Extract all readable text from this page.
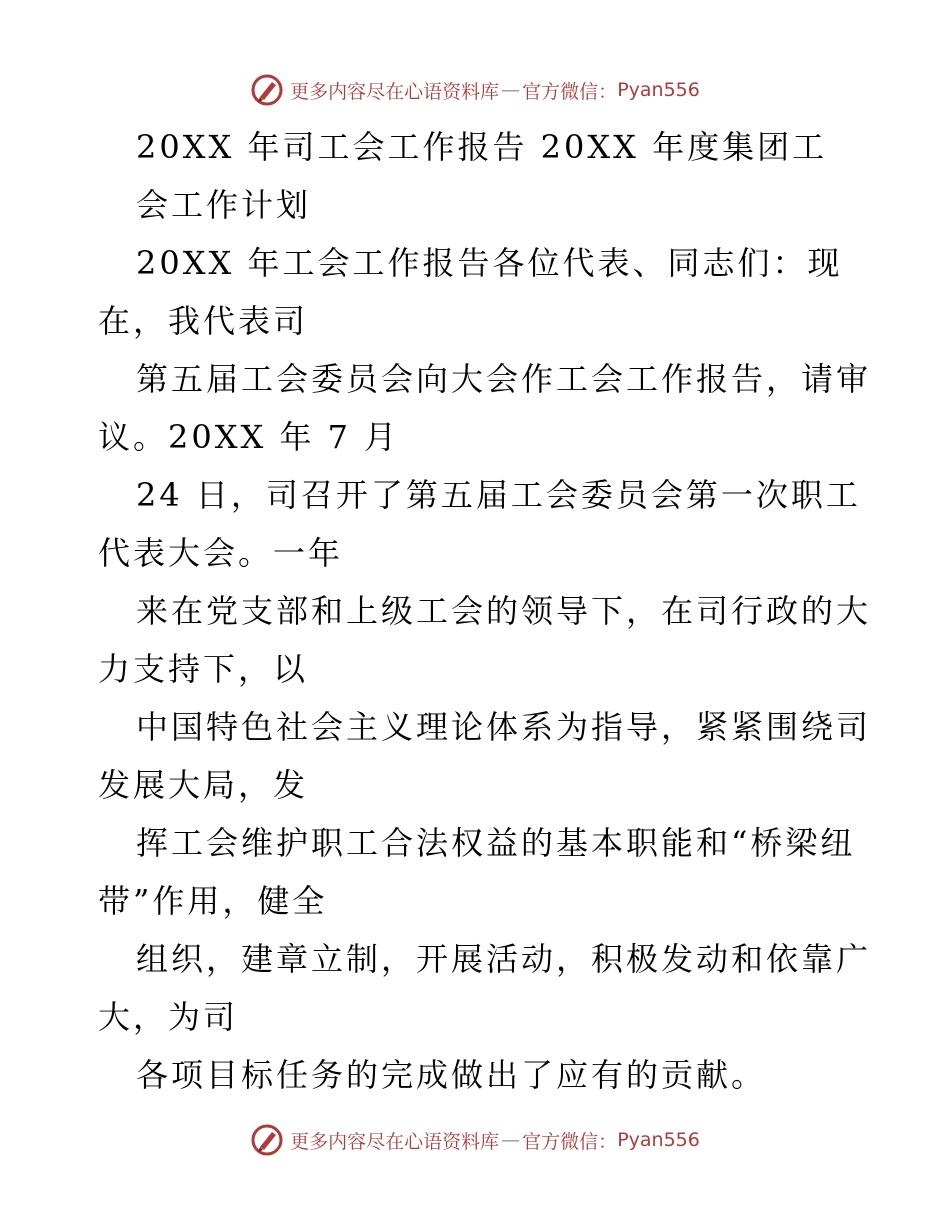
更多内容尽在心语资料库 — 官方微信： Pyan556
20XX 年司工会工作报告 20XX 年度集团工
会工作计划
20XX 年工会工作报告各位代表、同志们：现
在，我代表司
第五届工会委员会向大会作工会工作报告，请审
议。20XX 年 7 月
24 日，司召开了第五届工会委员会第一次职工
代表大会。一年
来在党支部和上级工会的领导下，在司行政的大
力支持下，以
中国特色社会主义理论体系为指导，紧紧围绕司
发展大局，发
挥工会维护职工合法权益的基本职能和“桥梁纽
带”作用，健全
组织，建章立制，开展活动，积极发动和依靠广
大，为司
各项目标任务的完成做出了应有的贡献。
更多内容尽在心语资料库 — 官方微信： Pyan556
